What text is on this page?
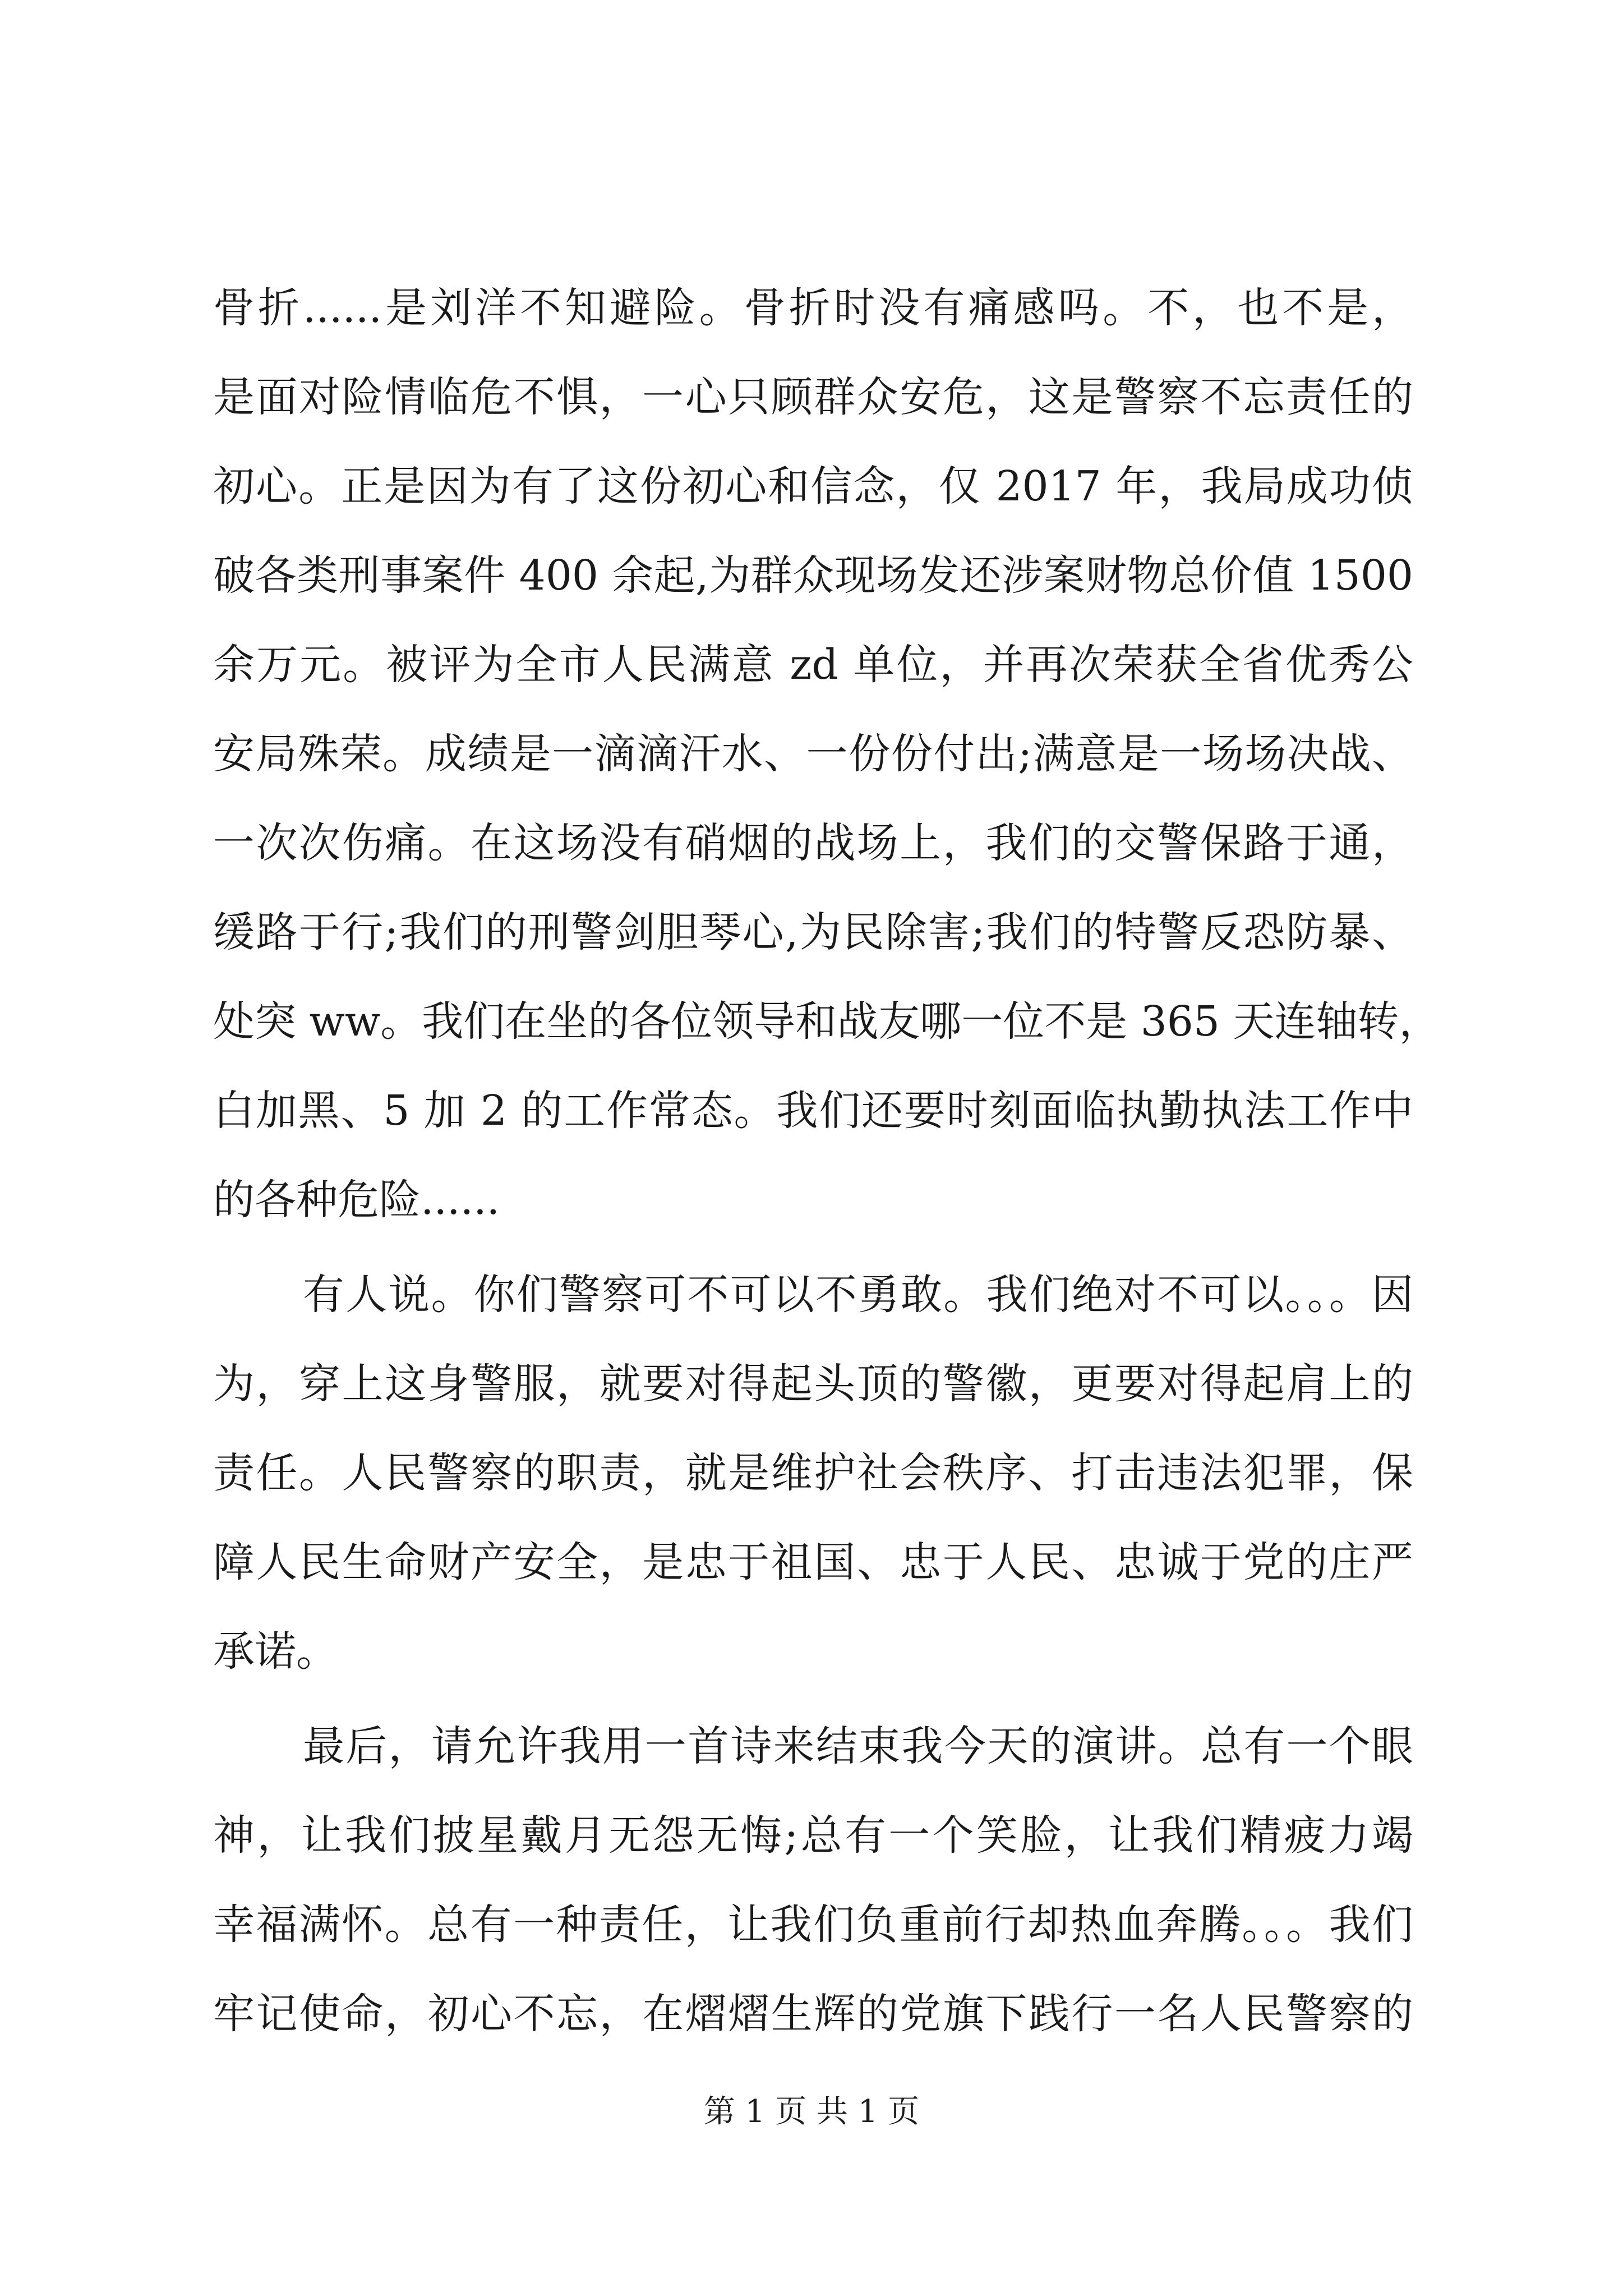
骨折......是刘洋不知避险。骨折时没有痛感吗。不，也不是，
是面对险情临危不惧，一心只顾群众安危，这是警察不忘责任的
初心。正是因为有了这份初心和信念，仅 2017 年，我局成功侦
破各类刑事案件 400 余起,为群众现场发还涉案财物总价值 1500
余万元。被评为全市人民满意 zd 单位，并再次荣获全省优秀公
安局殊荣。成绩是一滴滴汗水、一份份付出;满意是一场场决战、
一次次伤痛。在这场没有硝烟的战场上，我们的交警保路于通，
缓路于行;我们的刑警剑胆琴心,为民除害;我们的特警反恐防暴、
处突 ww。我们在坐的各位领导和战友哪一位不是 365 天连轴转，
白加黑、5 加 2 的工作常态。我们还要时刻面临执勤执法工作中
的各种危险......
有人说。你们警察可不可以不勇敢。我们绝对不可以。。。因
为，穿上这身警服，就要对得起头顶的警徽，更要对得起肩上的
责任。人民警察的职责，就是维护社会秩序、打击违法犯罪，保
障人民生命财产安全，是忠于祖国、忠于人民、忠诚于党的庄严
承诺。
最后，请允许我用一首诗来结束我今天的演讲。总有一个眼
神，让我们披星戴月无怨无悔;总有一个笑脸，让我们精疲力竭
幸福满怀。总有一种责任，让我们负重前行却热血奔腾。。。我们
牢记使命，初心不忘，在熠熠生辉的党旗下践行一名人民警察的
第 1 页 共 1 页
